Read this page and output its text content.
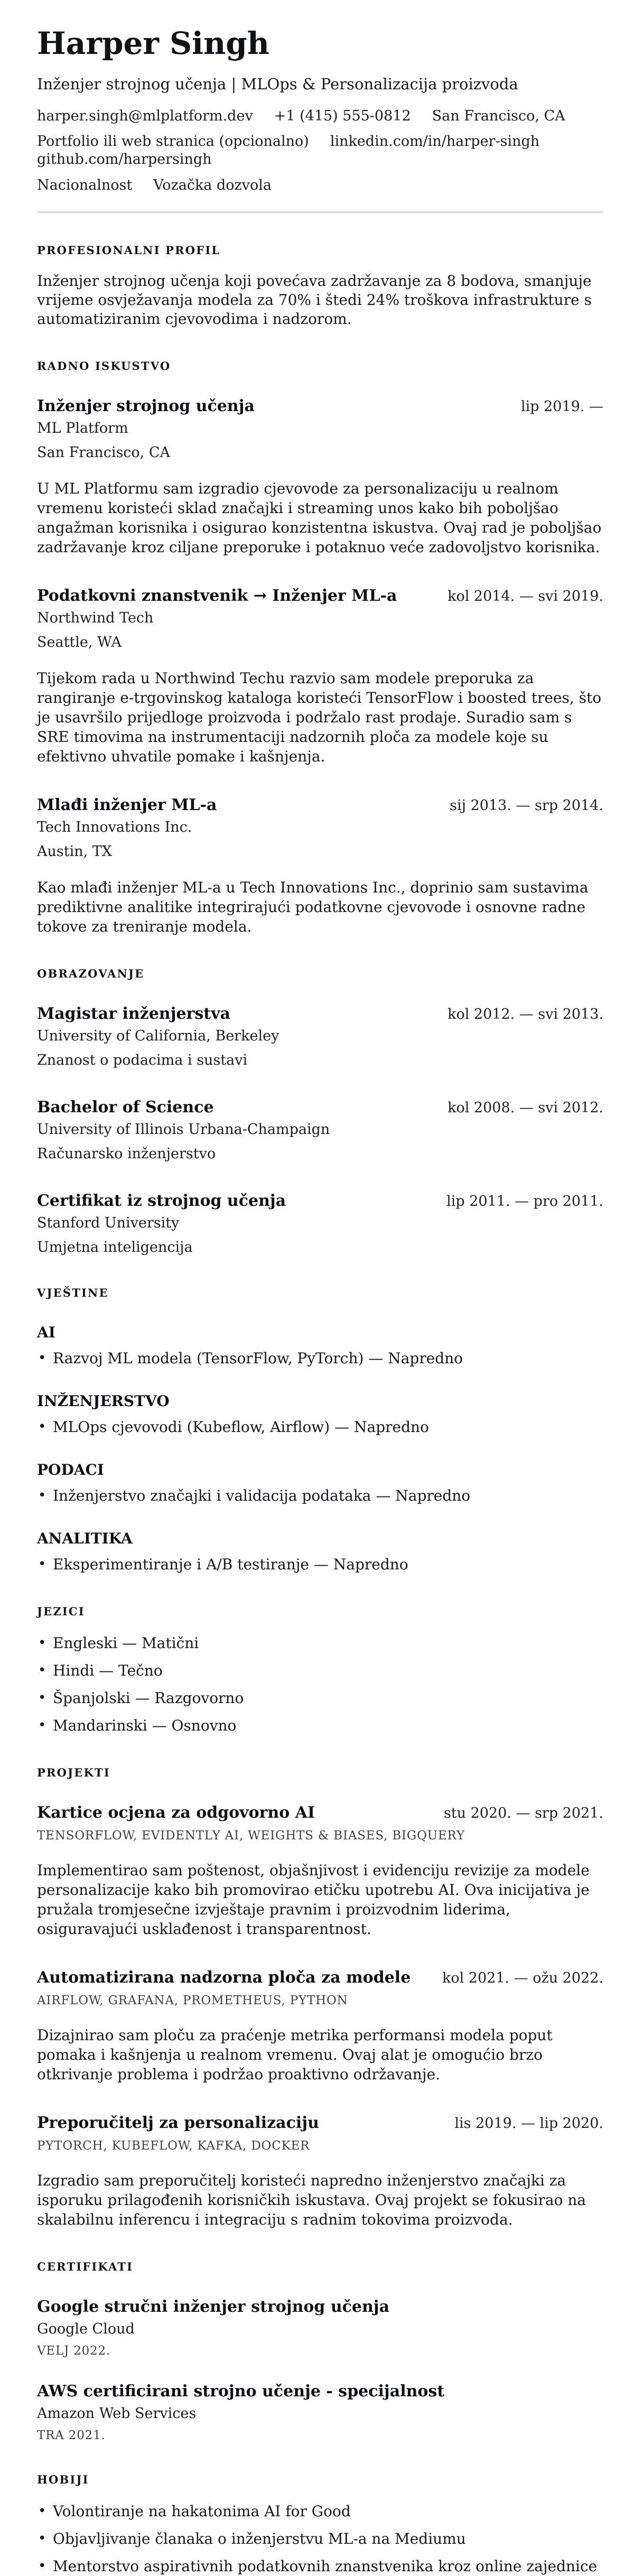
Harper Singh
Inženjer strojnog učenja | MLOps & Personalizacija proizvoda
harper.singh@mlplatform.dev +1 (415) 555-0812 San Francisco, CA
Portfolio ili web stranica (opcionalno) linkedin.com/in/harper-singh
github.com/harpersingh
Nacionalnost Vozačka dozvola
PROFESIONALNI PROFIL
Inženjer strojnog učenja koji povećava zadržavanje za 8 bodova, smanjuje vrijeme osvježavanja modela za 70% i štedi 24% troškova infrastrukture s automatiziranim cjevovodima i nadzorom.
RADNO ISKUSTVO
Inženjer strojnog učenja	lip 2019. —
ML Platform
San Francisco, CA
U ML Platformu sam izgradio cjevovode za personalizaciju u realnom vremenu koristeći sklad značajki i streaming unos kako bih poboljšao angažman korisnika i osigurao konzistentna iskustva. Ovaj rad je poboljšao zadržavanje kroz ciljane preporuke i potaknuo veće zadovoljstvo korisnika.
Podatkovni znanstvenik → Inženjer ML-a	kol 2014. — svi 2019.
Northwind Tech
Seattle, WA
Tijekom rada u Northwind Techu razvio sam modele preporuka za rangiranje e-trgovinskog kataloga koristeći TensorFlow i boosted trees, što je usavršilo prijedloge proizvoda i podržalo rast prodaje. Suradio sam s SRE timovima na instrumentaciji nadzornih ploča za modele koje su efektivno uhvatile pomake i kašnjenja.
Mlađi inženjer ML-a	sij 2013. — srp 2014.
Tech Innovations Inc.
Austin, TX
Kao mlađi inženjer ML-a u Tech Innovations Inc., doprinio sam sustavima prediktivne analitike integrirajući podatkovne cjevovode i osnovne radne tokove za treniranje modela.
OBRAZOVANJE
Magistar inženjerstva	kol 2012. — svi 2013.
University of California, Berkeley
Znanost o podacima i sustavi
Bachelor of Science	kol 2008. — svi 2012.
University of Illinois Urbana-Champaign
Računarsko inženjerstvo
Certifikat iz strojnog učenja	lip 2011. — pro 2011.
Stanford University
Umjetna inteligencija
VJEŠTINE
AI
• Razvoj ML modela (TensorFlow, PyTorch) — Napredno
INŽENJERSTVO
• MLOps cjevovodi (Kubeflow, Airflow) — Napredno
PODACI
• Inženjerstvo značajki i validacija podataka — Napredno
ANALITIKA
• Eksperimentiranje i A/B testiranje — Napredno
JEZICI
• Engleski — Matični
• Hindi — Tečno
• Španjolski — Razgovorno
• Mandarinski — Osnovno
PROJEKTI
Kartice ocjena za odgovorno AI	stu 2020. — srp 2021.
TENSORFLOW, EVIDENTLY AI, WEIGHTS & BIASES, BIGQUERY
Implementirao sam poštenost, objašnjivost i evidenciju revizije za modele personalizacije kako bih promovirao etičku upotrebu AI. Ova inicijativa je pružala tromjesečne izvještaje pravnim i proizvodnim liderima, osiguravajući usklađenost i transparentnost.
Automatizirana nadzorna ploča za modele kol 2021. — ožu 2022.
AIRFLOW, GRAFANA, PROMETHEUS, PYTHON
Dizajnirao sam ploču za praćenje metrika performansi modela poput pomaka i kašnjenja u realnom vremenu. Ovaj alat je omogućio brzo otkrivanje problema i podržao proaktivno održavanje.
Preporučitelj za personalizaciju	lis 2019. — lip 2020.
PYTORCH, KUBEFLOW, KAFKA, DOCKER
Izgradio sam preporučitelj koristeći napredno inženjerstvo značajki za isporuku prilagođenih korisničkih iskustava. Ovaj projekt se fokusirao na skalabilnu inferencu i integraciju s radnim tokovima proizvoda.
CERTIFIKATI
Google stručni inženjer strojnog učenja
Google Cloud
VELJ 2022.
AWS certificirani strojno učenje - specijalnost
Amazon Web Services
TRA 2021.
HOBIJI
• Volontiranje na hakatonima AI for Good
• Objavljivanje članaka o inženjerstvu ML-a na Mediumu
• Mentorstvo aspirativnih podatkovnih znanstvenika kroz online zajednice
